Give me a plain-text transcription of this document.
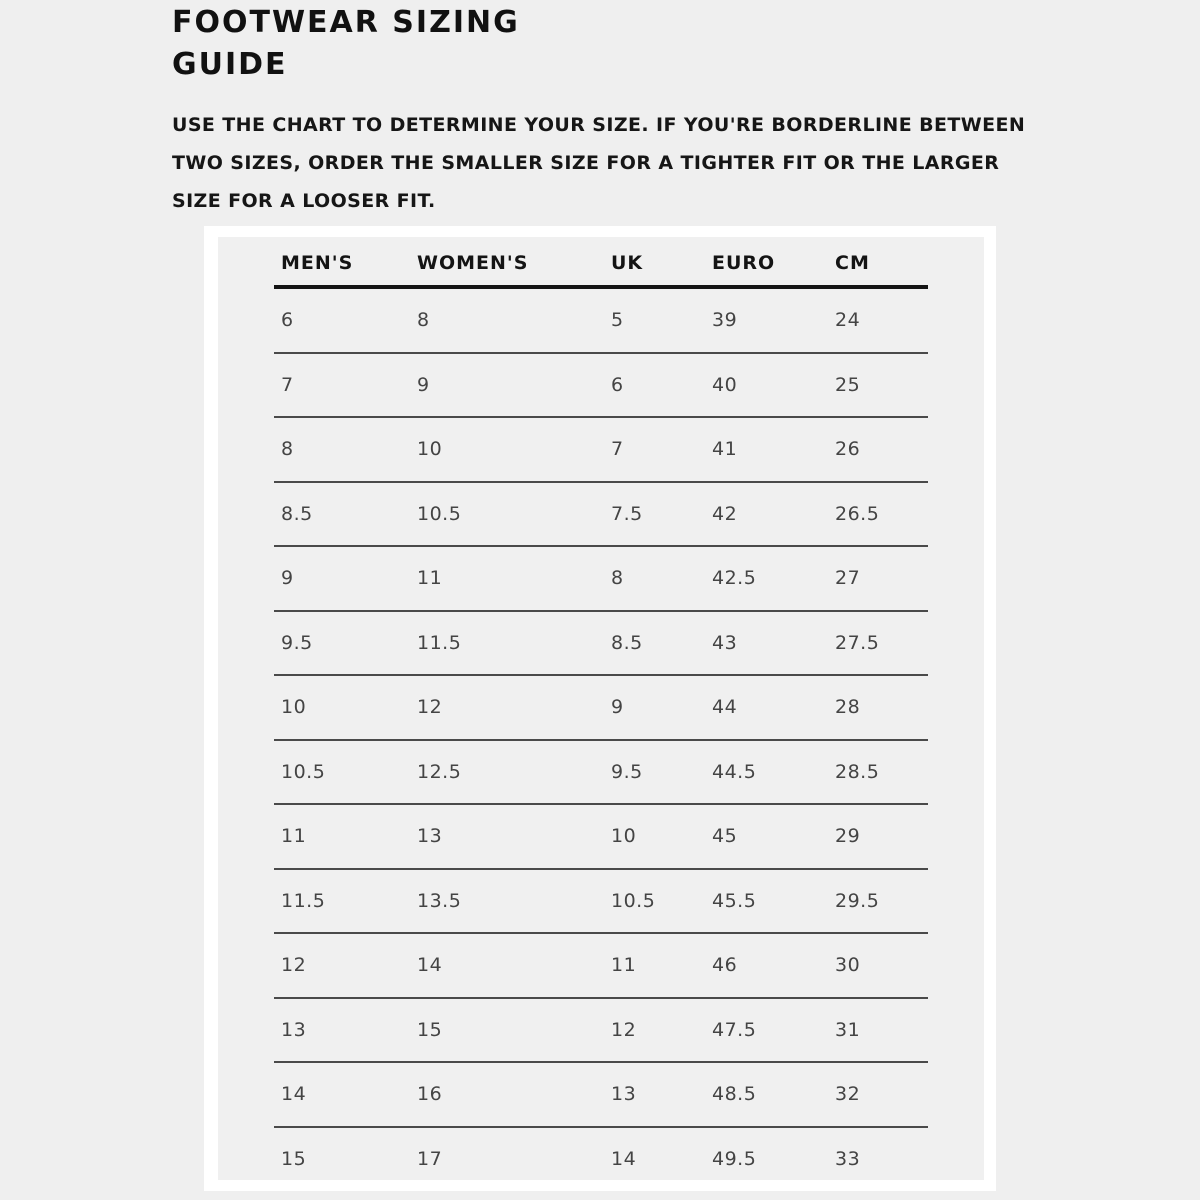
FOOTWEAR SIZING GUIDE

USE THE CHART TO DETERMINE YOUR SIZE. IF YOU'RE BORDERLINE BETWEEN TWO SIZES, ORDER THE SMALLER SIZE FOR A TIGHTER FIT OR THE LARGER SIZE FOR A LOOSER FIT.

MEN'S	WOMEN'S	UK	EURO	CM
6	8	5	39	24
7	9	6	40	25
8	10	7	41	26
8.5	10.5	7.5	42	26.5
9	11	8	42.5	27
9.5	11.5	8.5	43	27.5
10	12	9	44	28
10.5	12.5	9.5	44.5	28.5
11	13	10	45	29
11.5	13.5	10.5	45.5	29.5
12	14	11	46	30
13	15	12	47.5	31
14	16	13	48.5	32
15	17	14	49.5	33
